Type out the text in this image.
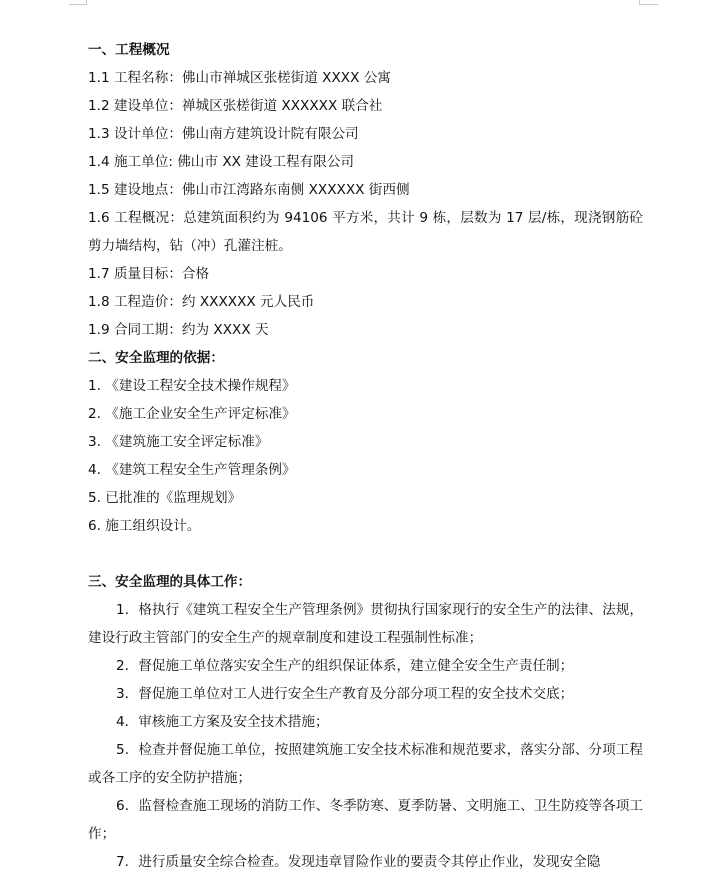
一、工程概况
1.1 工程名称：佛山市禅城区张槎街道 XXXX 公寓
1.2 建设单位：禅城区张槎街道 XXXXXX 联合社
1.3 设计单位：佛山南方建筑设计院有限公司
1.4 施工单位: 佛山市 XX 建设工程有限公司
1.5 建设地点：佛山市江湾路东南侧 XXXXXX 街西侧
1.6 工程概况：总建筑面积约为 94106 平方米，共计 9 栋，层数为 17 层/栋，现浇钢筋砼剪力墙结构，钻（冲）孔灌注桩。
1.7 质量目标：合格
1.8 工程造价：约 XXXXXX 元人民币
1.9 合同工期：约为 XXXX 天
二、安全监理的依据：
1. 《建设工程安全技术操作规程》
2. 《施工企业安全生产评定标准》
3. 《建筑施工安全评定标准》
4. 《建筑工程安全生产管理条例》
5. 已批准的《监理规划》
6. 施工组织设计。
三、安全监理的具体工作：
1．格执行《建筑工程安全生产管理条例》贯彻执行国家现行的安全生产的法律、法规，建设行政主管部门的安全生产的规章制度和建设工程强制性标准；
2．督促施工单位落实安全生产的组织保证体系，建立健全安全生产责任制；
3．督促施工单位对工人进行安全生产教育及分部分项工程的安全技术交底；
4．审核施工方案及安全技术措施；
5．检查并督促施工单位，按照建筑施工安全技术标准和规范要求，落实分部、分项工程或各工序的安全防护措施；
6．监督检查施工现场的消防工作、冬季防寒、夏季防暑、文明施工、卫生防疫等各项工作；
7．进行质量安全综合检查。发现违章冒险作业的要责令其停止作业，发现安全隐
